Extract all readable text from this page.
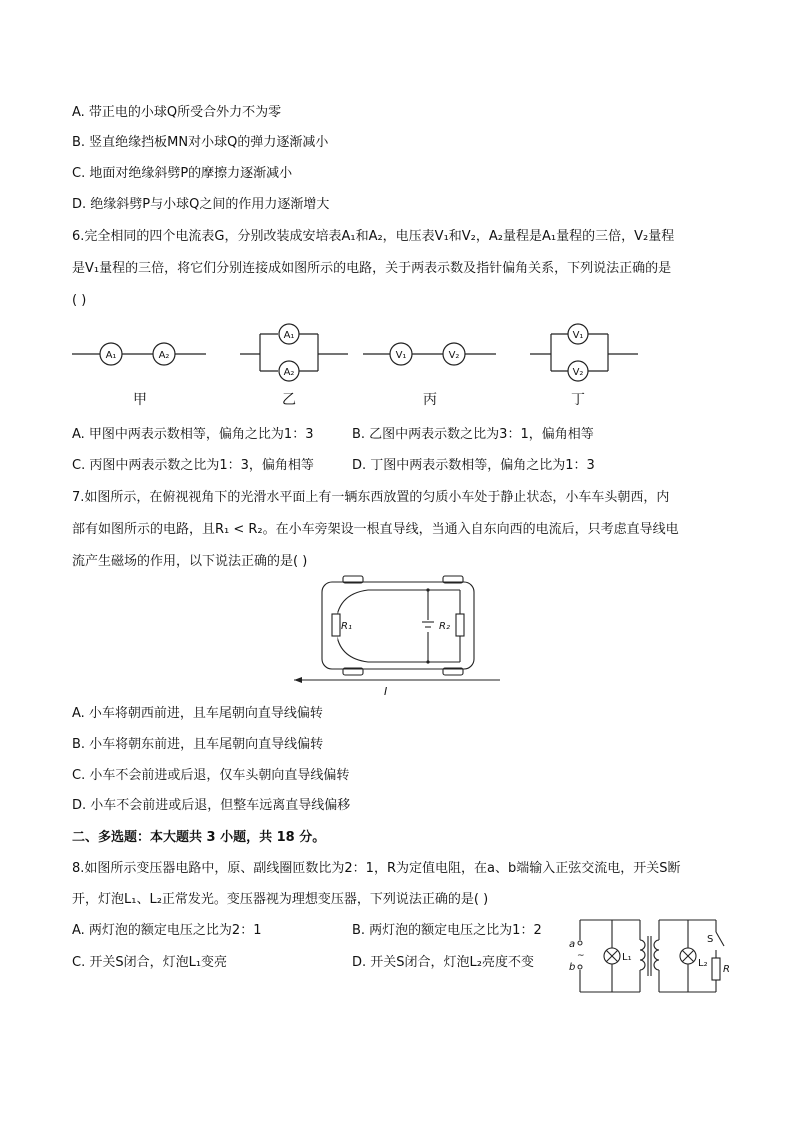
A. 带正电的小球Q所受合外力不为零
B. 竖直绝缘挡板MN对小球Q的弹力逐渐减小
C. 地面对绝缘斜劈P的摩擦力逐渐减小
D. 绝缘斜劈P与小球Q之间的作用力逐渐增大
6.完全相同的四个电流表G，分别改装成安培表A₁和A₂，电压表V₁和V₂，A₂量程是A₁量程的三倍，V₂量程
是V₁量程的三倍，将它们分别连接成如图所示的电路，关于两表示数及指针偏角关系，下列说法正确的是
( )
A₁	A₂
A₁
A₂
V₁	V₂
V₁
V₂
甲	乙	丙	丁
A. 甲图中两表示数相等，偏角之比为1：3	B. 乙图中两表示数之比为3：1，偏角相等
C. 丙图中两表示数之比为1：3，偏角相等	D. 丁图中两表示数相等，偏角之比为1：3
7.如图所示，在俯视视角下的光滑水平面上有一辆东西放置的匀质小车处于静止状态，小车车头朝西，内
部有如图所示的电路，且R₁ < R₂。在小车旁架设一根直导线，当通入自东向西的电流后，只考虑直导线电
流产生磁场的作用，以下说法正确的是( )
R₁	R₂
I
A. 小车将朝西前进，且车尾朝向直导线偏转
B. 小车将朝东前进，且车尾朝向直导线偏转
C. 小车不会前进或后退，仅车头朝向直导线偏转
D. 小车不会前进或后退，但整车远离直导线偏移
二、多选题：本大题共 3 小题，共 18 分。
8.如图所示变压器电路中，原、副线圈匝数比为2：1，R为定值电阻，在a、b端输入正弦交流电，开关S断
开，灯泡L₁、L₂正常发光。变压器视为理想变压器，下列说法正确的是( )
A. 两灯泡的额定电压之比为2：1	B. 两灯泡的额定电压之比为1：2
C. 开关S闭合，灯泡L₁变亮	D. 开关S闭合，灯泡L₂亮度不变
a
b
~	L₁
L₂
S
R
